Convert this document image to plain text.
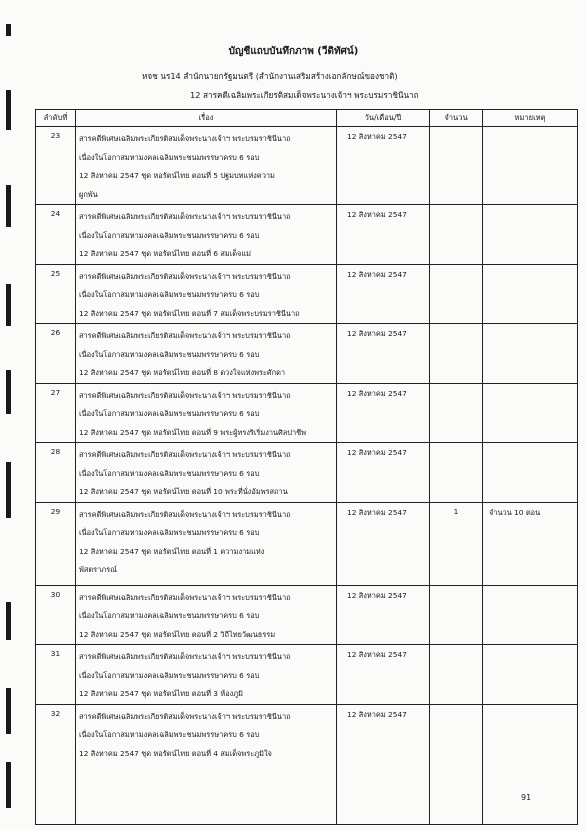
บัญชีแถบบันทึกภาพ (วีดิทัศน์)
หจช นร14 สำนักนายกรัฐมนตรี (สำนักงานเสริมสร้างเอกลักษณ์ของชาติ)
12 สารคดีเฉลิมพระเกียรติสมเด็จพระนางเจ้าฯ พระบรมราชินีนาถ
ลำดับที่	เรื่อง	วัน/เดือน/ปี	จำนวน	หมายเหตุ
23	สารคดีพิเศษเฉลิมพระเกียรติสมเด็จพระนางเจ้าฯ พระบรมราชินีนาถ
เนื่องในโอกาสมหามงคลเฉลิมพระชนมพรรษาครบ 6 รอบ
12 สิงหาคม 2547 ชุด หอรัตน์ไทย ตอนที่ 5 ปฐมบทแห่งความ
ผูกพัน	12 สิงหาคม 2547		
24	สารคดีพิเศษเฉลิมพระเกียรติสมเด็จพระนางเจ้าฯ พระบรมราชินีนาถ
เนื่องในโอกาสมหามงคลเฉลิมพระชนมพรรษาครบ 6 รอบ
12 สิงหาคม 2547 ชุด หอรัตน์ไทย ตอนที่ 6 สมเด็จแม่	12 สิงหาคม 2547		
25	สารคดีพิเศษเฉลิมพระเกียรติสมเด็จพระนางเจ้าฯ พระบรมราชินีนาถ
เนื่องในโอกาสมหามงคลเฉลิมพระชนมพรรษาครบ 6 รอบ
12 สิงหาคม 2547 ชุด หอรัตน์ไทย ตอนที่ 7 สมเด็จพระบรมราชินีนาถ	12 สิงหาคม 2547		
26	สารคดีพิเศษเฉลิมพระเกียรติสมเด็จพระนางเจ้าฯ พระบรมราชินีนาถ
เนื่องในโอกาสมหามงคลเฉลิมพระชนมพรรษาครบ 6 รอบ
12 สิงหาคม 2547 ชุด หอรัตน์ไทย ตอนที่ 8 ดวงใจแห่งพระศักดา	12 สิงหาคม 2547		
27	สารคดีพิเศษเฉลิมพระเกียรติสมเด็จพระนางเจ้าฯ พระบรมราชินีนาถ
เนื่องในโอกาสมหามงคลเฉลิมพระชนมพรรษาครบ 6 รอบ
12 สิงหาคม 2547 ชุด หอรัตน์ไทย ตอนที่ 9 พระผู้ทรงริเริ่มงานศิลปาชีพ	12 สิงหาคม 2547		
28	สารคดีพิเศษเฉลิมพระเกียรติสมเด็จพระนางเจ้าฯ พระบรมราชินีนาถ
เนื่องในโอกาสมหามงคลเฉลิมพระชนมพรรษาครบ 6 รอบ
12 สิงหาคม 2547 ชุด หอรัตน์ไทย ตอนที่ 10 พระที่นั่งอัมพรสถาน	12 สิงหาคม 2547		
29	สารคดีพิเศษเฉลิมพระเกียรติสมเด็จพระนางเจ้าฯ พระบรมราชินีนาถ
เนื่องในโอกาสมหามงคลเฉลิมพระชนมพรรษาครบ 6 รอบ
12 สิงหาคม 2547 ชุด หอรัตน์ไทย ตอนที่ 1 ความงามแห่ง
พัสตราภรณ์	12 สิงหาคม 2547	1	จำนวน 10 ตอน
30	สารคดีพิเศษเฉลิมพระเกียรติสมเด็จพระนางเจ้าฯ พระบรมราชินีนาถ
เนื่องในโอกาสมหามงคลเฉลิมพระชนมพรรษาครบ 6 รอบ
12 สิงหาคม 2547 ชุด หอรัตน์ไทย ตอนที่ 2 วิถีไทยวัฒนธรรม	12 สิงหาคม 2547		
31	สารคดีพิเศษเฉลิมพระเกียรติสมเด็จพระนางเจ้าฯ พระบรมราชินีนาถ
เนื่องในโอกาสมหามงคลเฉลิมพระชนมพรรษาครบ 6 รอบ
12 สิงหาคม 2547 ชุด หอรัตน์ไทย ตอนที่ 3 ห้องภูมิ	12 สิงหาคม 2547		
32	สารคดีพิเศษเฉลิมพระเกียรติสมเด็จพระนางเจ้าฯ พระบรมราชินีนาถ
เนื่องในโอกาสมหามงคลเฉลิมพระชนมพรรษาครบ 6 รอบ
12 สิงหาคม 2547 ชุด หอรัตน์ไทย ตอนที่ 4 สมเด็จพระภูมิใจ	12 สิงหาคม 2547		
91
